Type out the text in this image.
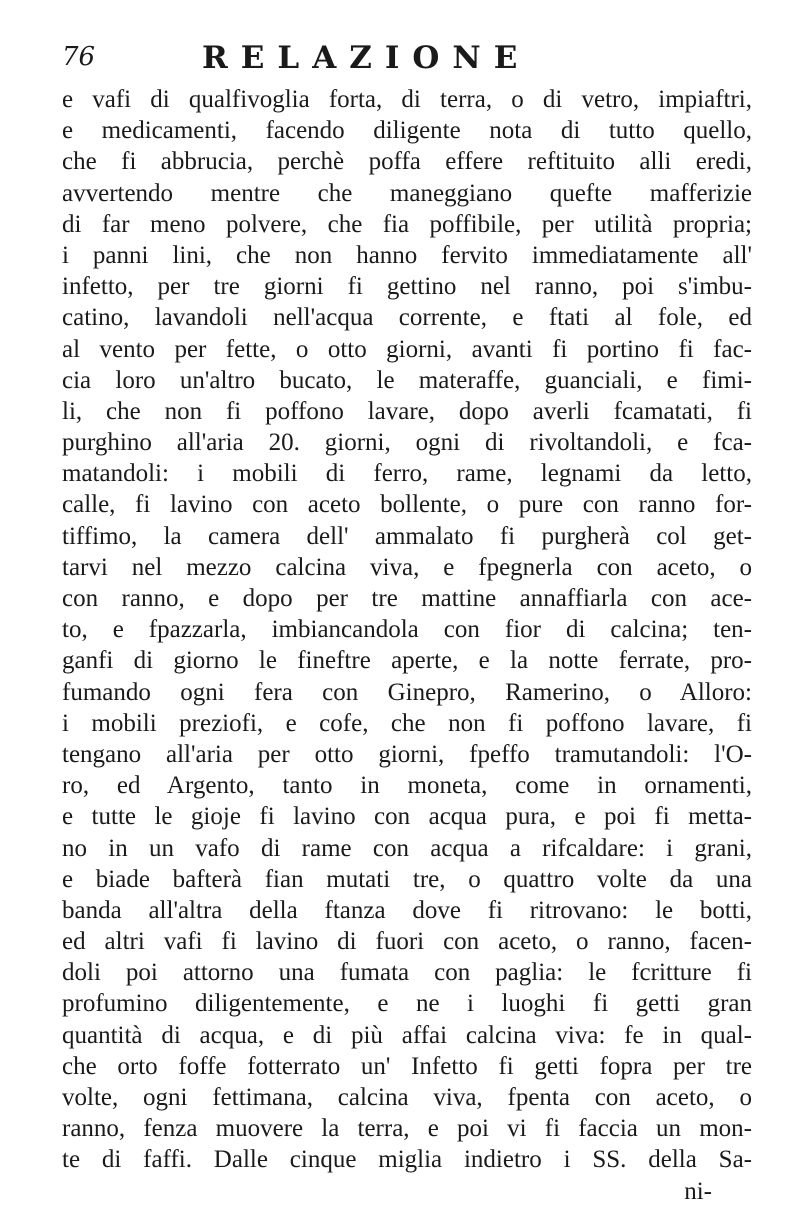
76	RELAZIONE
e vafi di qualfivoglia forta, di terra, o di vetro, impiaftri,
e medicamenti, facendo diligente nota di tutto quello,
che fi abbrucia, perchè poffa effere reftituito alli eredi,
avvertendo mentre che maneggiano quefte mafferizie
di far meno polvere, che fia poffibile, per utilità propria;
i panni lini, che non hanno fervito immediatamente all'
infetto, per tre giorni fi gettino nel ranno, poi s'imbu-
catino, lavandoli nell'acqua corrente, e ftati al fole, ed
al vento per fette, o otto giorni, avanti fi portino fi fac-
cia loro un'altro bucato, le materaffe, guanciali, e fimi-
li, che non fi poffono lavare, dopo averli fcamatati, fi
purghino all'aria 20. giorni, ogni di rivoltandoli, e fca-
matandoli: i mobili di ferro, rame, legnami da letto,
calle, fi lavino con aceto bollente, o pure con ranno for-
tiffimo, la camera dell' ammalato fi purgherà col get-
tarvi nel mezzo calcina viva, e fpegnerla con aceto, o
con ranno, e dopo per tre mattine annaffiarla con ace-
to, e fpazzarla, imbiancandola con fior di calcina; ten-
ganfi di giorno le fineftre aperte, e la notte ferrate, pro-
fumando ogni fera con Ginepro, Ramerino, o Alloro:
i mobili preziofi, e cofe, che non fi poffono lavare, fi
tengano all'aria per otto giorni, fpeffo tramutandoli: l'O-
ro, ed Argento, tanto in moneta, come in ornamenti,
e tutte le gioje fi lavino con acqua pura, e poi fi metta-
no in un vafo di rame con acqua a rifcaldare: i grani,
e biade bafterà fian mutati tre, o quattro volte da una
banda all'altra della ftanza dove fi ritrovano: le botti,
ed altri vafi fi lavino di fuori con aceto, o ranno, facen-
doli poi attorno una fumata con paglia: le fcritture fi
profumino diligentemente, e ne i luoghi fi getti gran
quantità di acqua, e di più affai calcina viva: fe in qual-
che orto foffe fotterrato un' Infetto fi getti fopra per tre
volte, ogni fettimana, calcina viva, fpenta con aceto, o
ranno, fenza muovere la terra, e poi vi fi faccia un mon-
te di faffi. Dalle cinque miglia indietro i SS. della Sa-
ni-
